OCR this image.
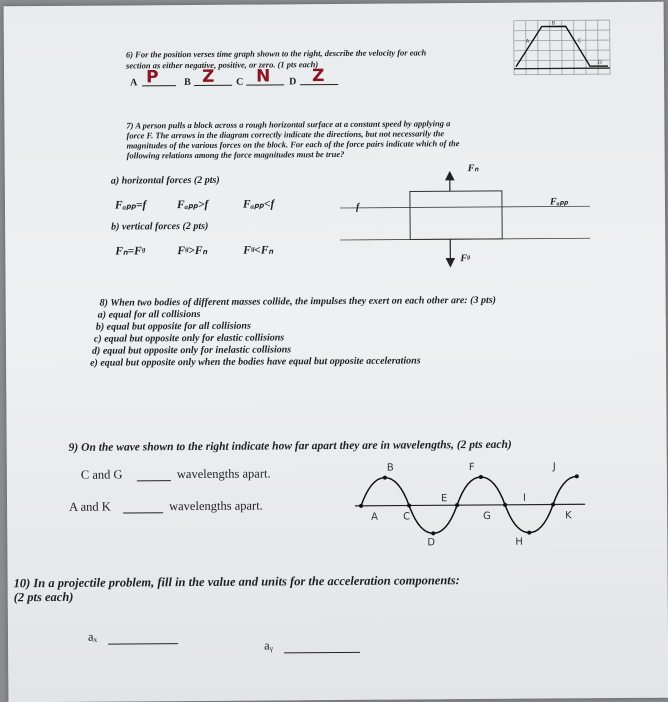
6) For the position verses time graph shown to the right, describe the velocity for each
section as either negative, positive, or zero. (1 pts each)
A P	B Z C N D Z
A
B
C
D
7) A person pulls a block across a rough horizontal surface at a constant speed by applying a
force F. The arrows in the diagram correctly indicate the directions, but not necessarily the
magnitudes of the various forces on the block. For each of the force pairs indicate which of the
following relations among the force magnitudes must be true?
a) horizontal forces (2 pts)
Fₐₚₚ=f	Fₐₚₚ>f	Fₐₚₚ<f
b) vertical forces (2 pts)
Fₙ=Fᵍ	Fᵍ>Fₙ	Fᵍ<Fₙ
Fₙ
f	Fₐₚₚ
Fᵍ
8) When two bodies of different masses collide, the impulses they exert on each other are: (3 pts)
a) equal for all collisions
b) equal but opposite for all collisions
c) equal but opposite only for elastic collisions
d) equal but opposite only for inelastic collisions
e) equal but opposite only when the bodies have equal but opposite accelerations
9) On the wave shown to the right indicate how far apart they are in wavelengths, (2 pts each)
C and G	wavelengths apart.
A and K	wavelengths apart.
A
B
C
D
E
F
G
H
I
J
K
10) In a projectile problem, fill in the value and units for the acceleration components:
(2 pts each)
aₓ
aᵧ
